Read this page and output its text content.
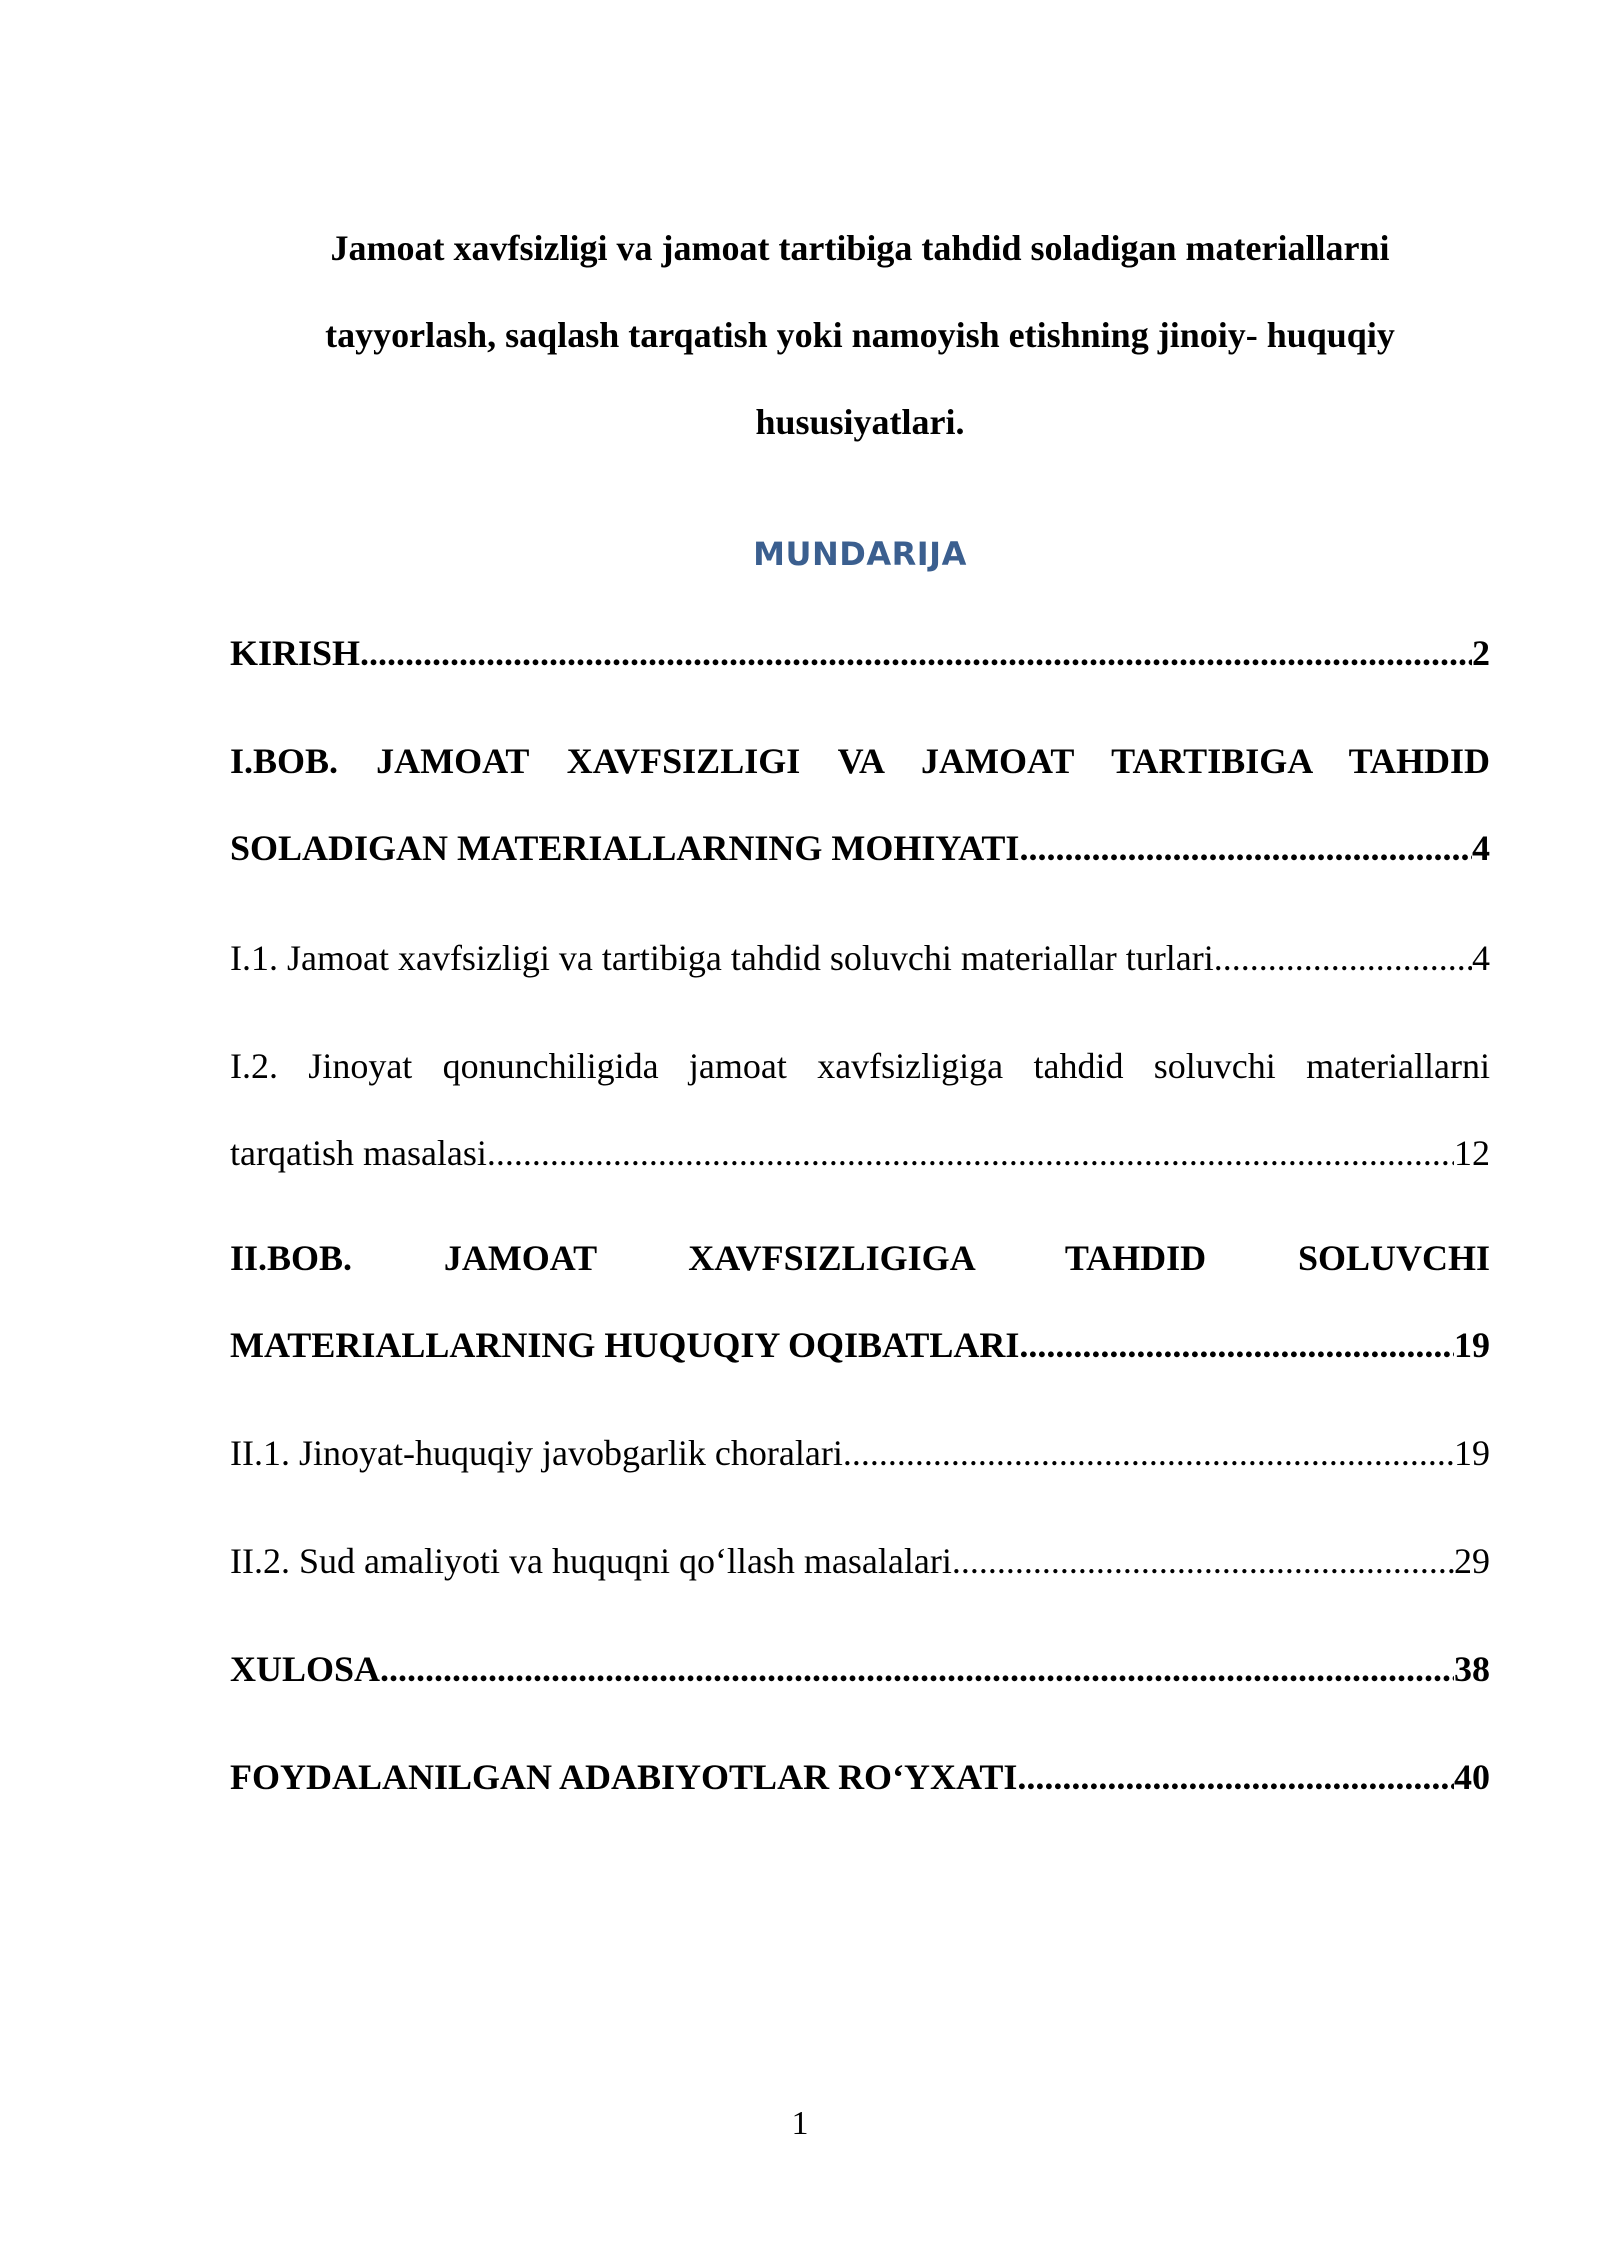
Jamoat xavfsizligi va jamoat tartibiga tahdid soladigan materiallarni
tayyorlash, saqlash tarqatish yoki namoyish etishning jinoiy- huquqiy
hususiyatlari.
MUNDARIJA
KIRISH .....	2
I.BOB. JAMOAT XAVFSIZLIGI VA JAMOAT TARTIBIGA TAHDID
SOLADIGAN MATERIALLARNING MOHIYATI .....	4
I.1. Jamoat xavfsizligi va tartibiga tahdid soluvchi materiallar turlari .....	4
I.2. Jinoyat qonunchiligida jamoat xavfsizligiga tahdid soluvchi materiallarni
tarqatish masalasi .....	12
II.BOB. JAMOAT XAVFSIZLIGIGA TAHDID SOLUVCHI
MATERIALLARNING HUQUQIY OQIBATLARI .....	19
II.1. Jinoyat-huquqiy javobgarlik choralari .....	19
II.2. Sud amaliyoti va huquqni qo‘llash masalalari .....	29
XULOSA .....	38
FOYDALANILGAN ADABIYOTLAR RO‘YXATI .....	40
1
